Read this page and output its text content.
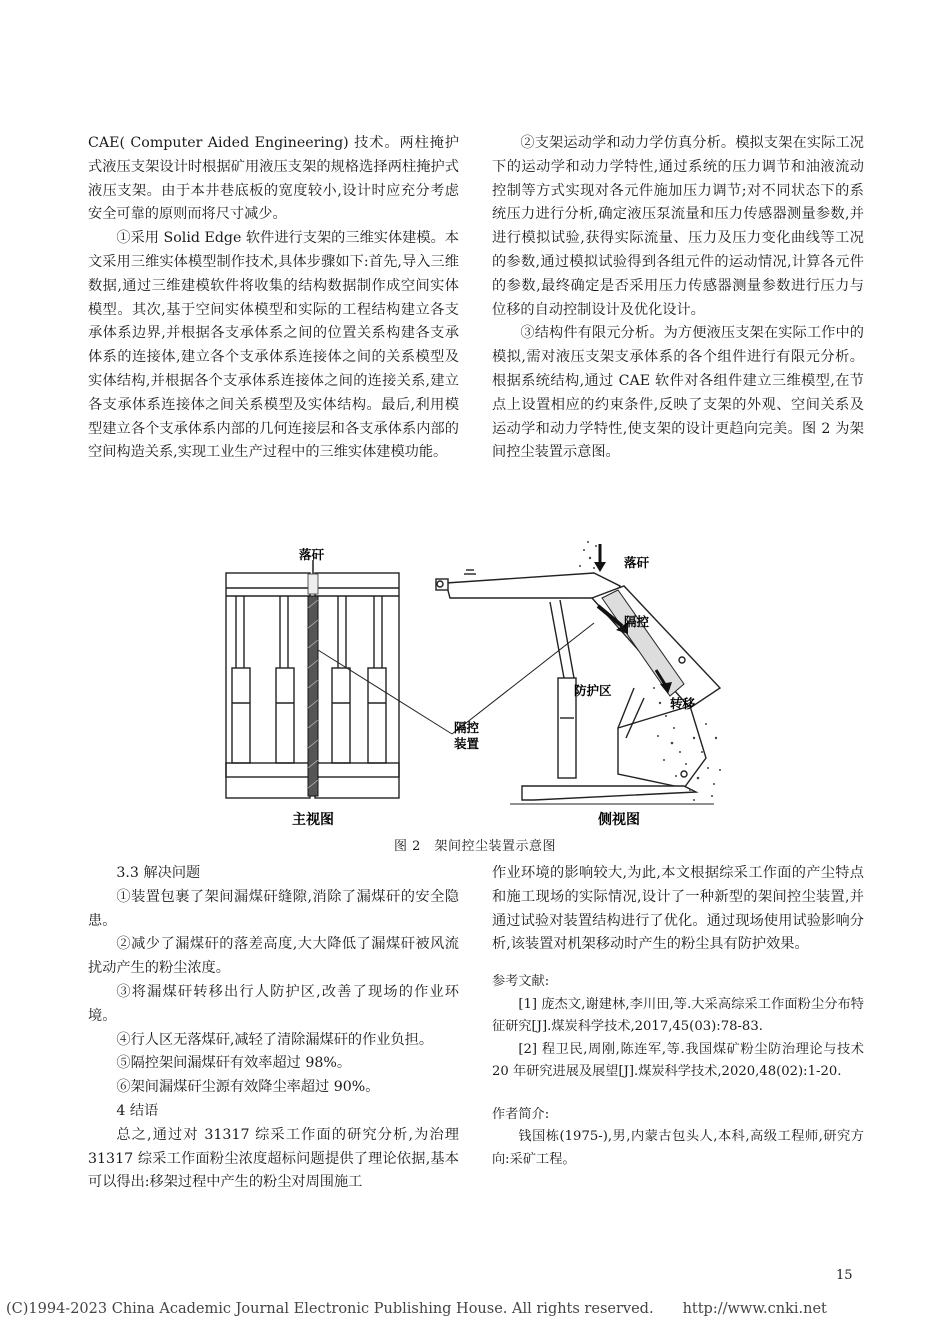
CAE( Computer Aided Engineering) 技术。两柱掩护式液压支架设计时根据矿用液压支架的规格选择两柱掩护式液压支架。由于本井巷底板的宽度较小,设计时应充分考虑安全可靠的原则而将尺寸减少。

①采用 Solid Edge 软件进行支架的三维实体建模。本文采用三维实体模型制作技术,具体步骤如下:首先,导入三维数据,通过三维建模软件将收集的结构数据制作成空间实体模型。其次,基于空间实体模型和实际的工程结构建立各支承体系边界,并根据各支承体系之间的位置关系构建各支承体系的连接体,建立各个支承体系连接体之间的关系模型及实体结构,并根据各个支承体系连接体之间的连接关系,建立各支承体系连接体之间关系模型及实体结构。最后,利用模型建立各个支承体系内部的几何连接层和各支承体系内部的空间构造关系,实现工业生产过程中的三维实体建模功能。

②支架运动学和动力学仿真分析。模拟支架在实际工况下的运动学和动力学特性,通过系统的压力调节和油液流动控制等方式实现对各元件施加压力调节;对不同状态下的系统压力进行分析,确定液压泵流量和压力传感器测量参数,并进行模拟试验,获得实际流量、压力及压力变化曲线等工况的参数,通过模拟试验得到各组元件的运动情况,计算各元件的参数,最终确定是否采用压力传感器测量参数进行压力与位移的自动控制设计及优化设计。

③结构件有限元分析。为方便液压支架在实际工作中的模拟,需对液压支架支承体系的各个组件进行有限元分析。根据系统结构,通过 CAE 软件对各组件建立三维模型,在节点上设置相应的约束条件,反映了支架的外观、空间关系及运动学和动力学特性,使支架的设计更趋向完美。图 2 为架间控尘装置示意图。

落矸
隔控
装置
主视图
落矸
隔控
防护区
转移
侧视图
图 2　架间控尘装置示意图

3.3 解决问题

①装置包裹了架间漏煤矸缝隙,消除了漏煤矸的安全隐患。

②减少了漏煤矸的落差高度,大大降低了漏煤矸被风流扰动产生的粉尘浓度。

③将漏煤矸转移出行人防护区,改善了现场的作业环境。

④行人区无落煤矸,减轻了清除漏煤矸的作业负担。

⑤隔控架间漏煤矸有效率超过 98%。

⑥架间漏煤矸尘源有效降尘率超过 90%。

4 结语

总之,通过对 31317 综采工作面的研究分析,为治理 31317 综采工作面粉尘浓度超标问题提供了理论依据,基本可以得出:移架过程中产生的粉尘对周围施工

作业环境的影响较大,为此,本文根据综采工作面的产尘特点和施工现场的实际情况,设计了一种新型的架间控尘装置,并通过试验对装置结构进行了优化。通过现场使用试验影响分析,该装置对机架移动时产生的粉尘具有防护效果。

参考文献:

[1] 庞杰文,谢建林,李川田,等.大采高综采工作面粉尘分布特征研究[J].煤炭科学技术,2017,45(03):78-83.

[2] 程卫民,周刚,陈连军,等.我国煤矿粉尘防治理论与技术 20 年研究进展及展望[J].煤炭科学技术,2020,48(02):1-20.

作者简介:

钱国栋(1975-),男,内蒙古包头人,本科,高级工程师,研究方向:采矿工程。

15
(C)1994-2023 China Academic Journal Electronic Publishing House. All rights reserved.　　http://www.cnki.net
